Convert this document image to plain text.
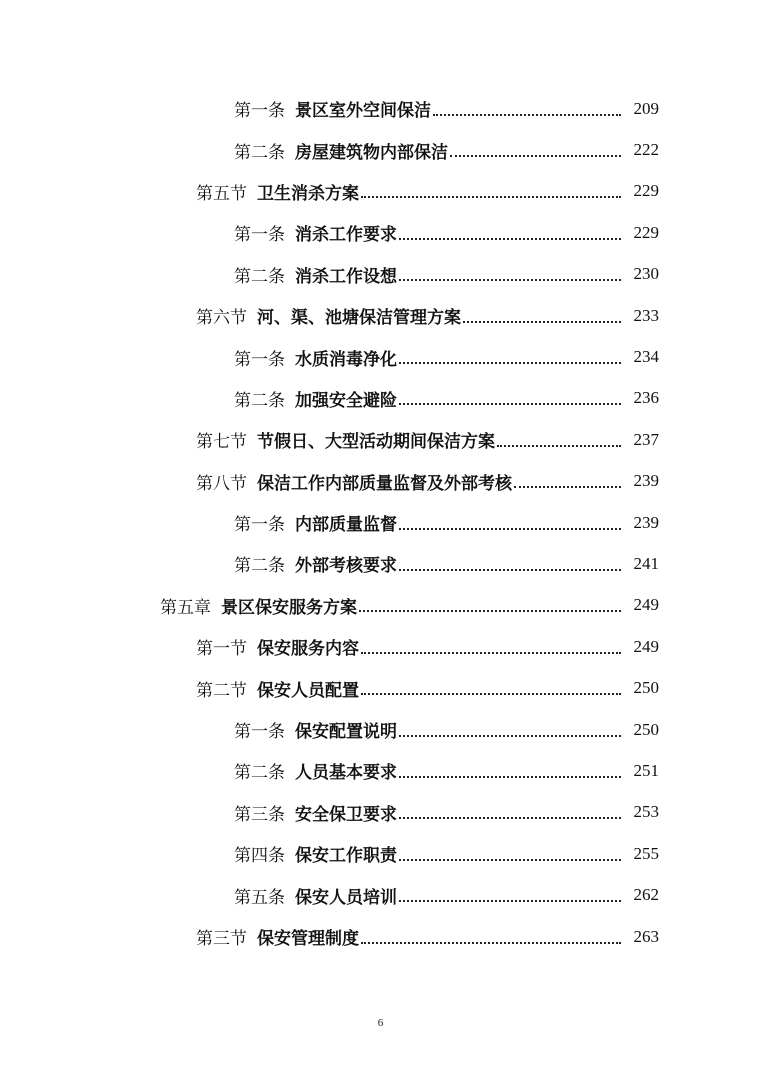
第一条 景区室外空间保洁	209
第二条 房屋建筑物内部保洁	222
第五节 卫生消杀方案	229
第一条 消杀工作要求	229
第二条 消杀工作设想	230
第六节 河、渠、池塘保洁管理方案	233
第一条 水质消毒净化	234
第二条 加强安全避险	236
第七节 节假日、大型活动期间保洁方案	237
第八节 保洁工作内部质量监督及外部考核	239
第一条 内部质量监督	239
第二条 外部考核要求	241
第五章 景区保安服务方案	249
第一节 保安服务内容	249
第二节 保安人员配置	250
第一条 保安配置说明	250
第二条 人员基本要求	251
第三条 安全保卫要求	253
第四条 保安工作职责	255
第五条 保安人员培训	262
第三节 保安管理制度	263
6
